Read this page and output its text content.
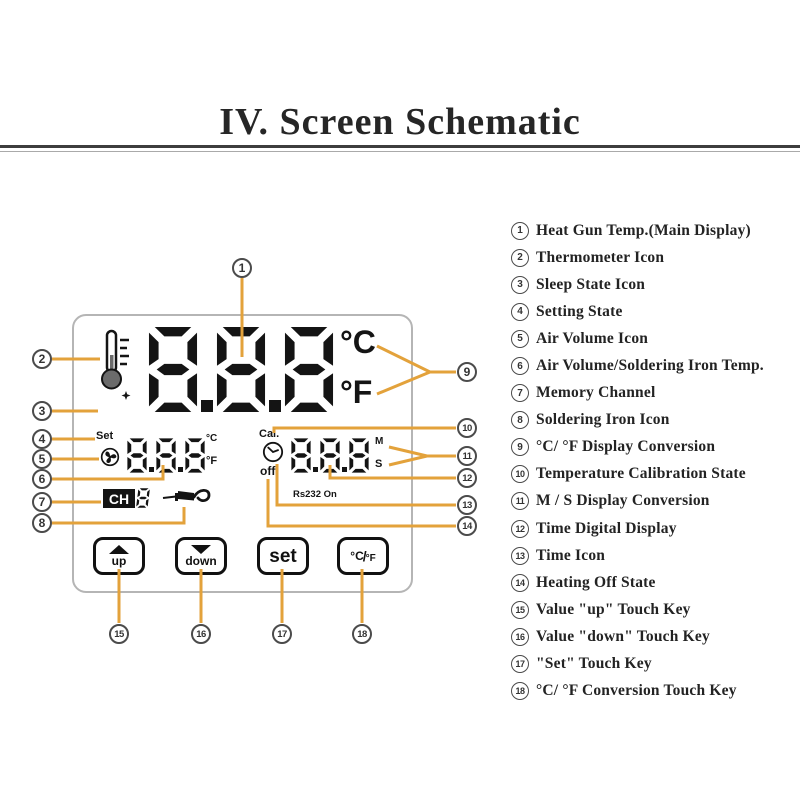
IV. Screen Schematic
°C
°F
Set	°C
°F
Cal.
off
M
S
Rs232 On
CH
up	down	set	°C / °F
1
2
3
4
5
6
7
8
9
10
11
12
13
14
15	16	17	18
1 Heat Gun Temp.(Main Display)
2 Thermometer Icon
3 Sleep State Icon
4 Setting State
5 Air Volume Icon
6 Air Volume/Soldering Iron Temp.
7 Memory Channel
8 Soldering Iron Icon
9 °C/ °F Display Conversion
10 Temperature Calibration State
11 M / S Display Conversion
12 Time Digital Display
13 Time Icon
14 Heating Off State
15 Value "up" Touch Key
16 Value "down" Touch Key
17 "Set" Touch Key
18 °C/ °F Conversion Touch Key
